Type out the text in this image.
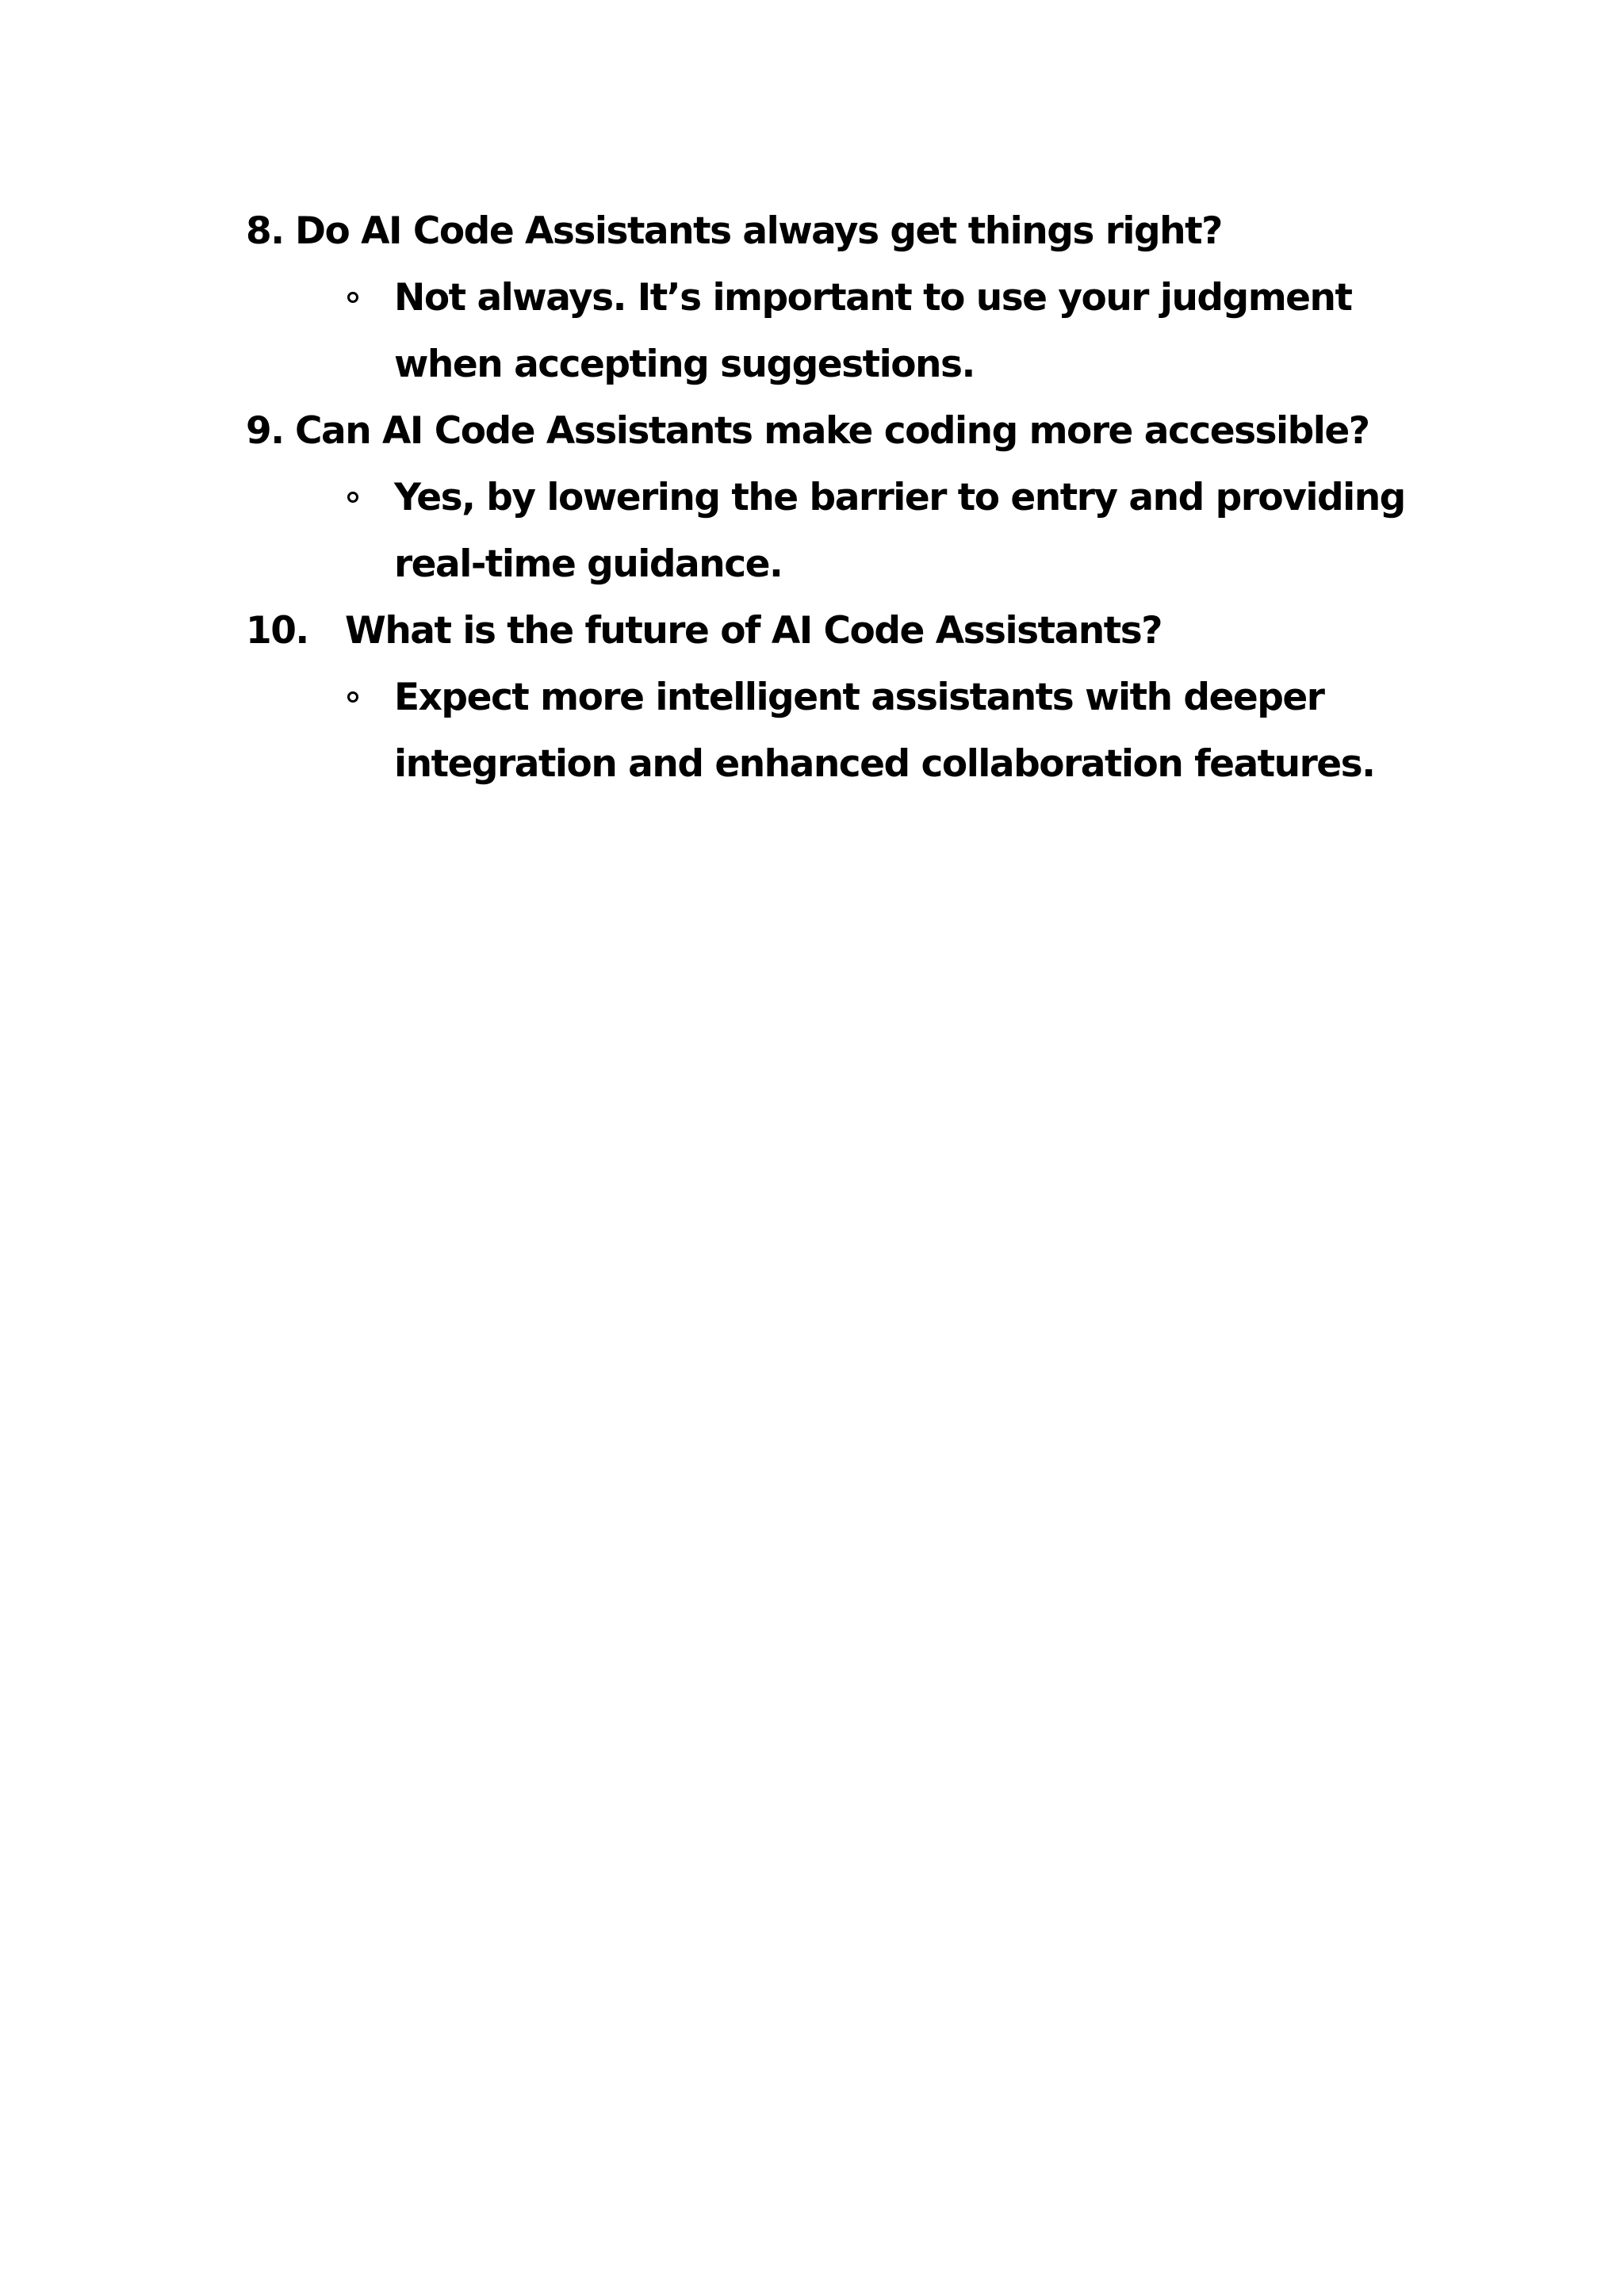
8. Do AI Code Assistants always get things right?
Not always. It’s important to use your judgment when accepting suggestions.
9. Can AI Code Assistants make coding more accessible?
Yes, by lowering the barrier to entry and providing real-time guidance.
10. What is the future of AI Code Assistants?
Expect more intelligent assistants with deeper integration and enhanced collaboration features.
